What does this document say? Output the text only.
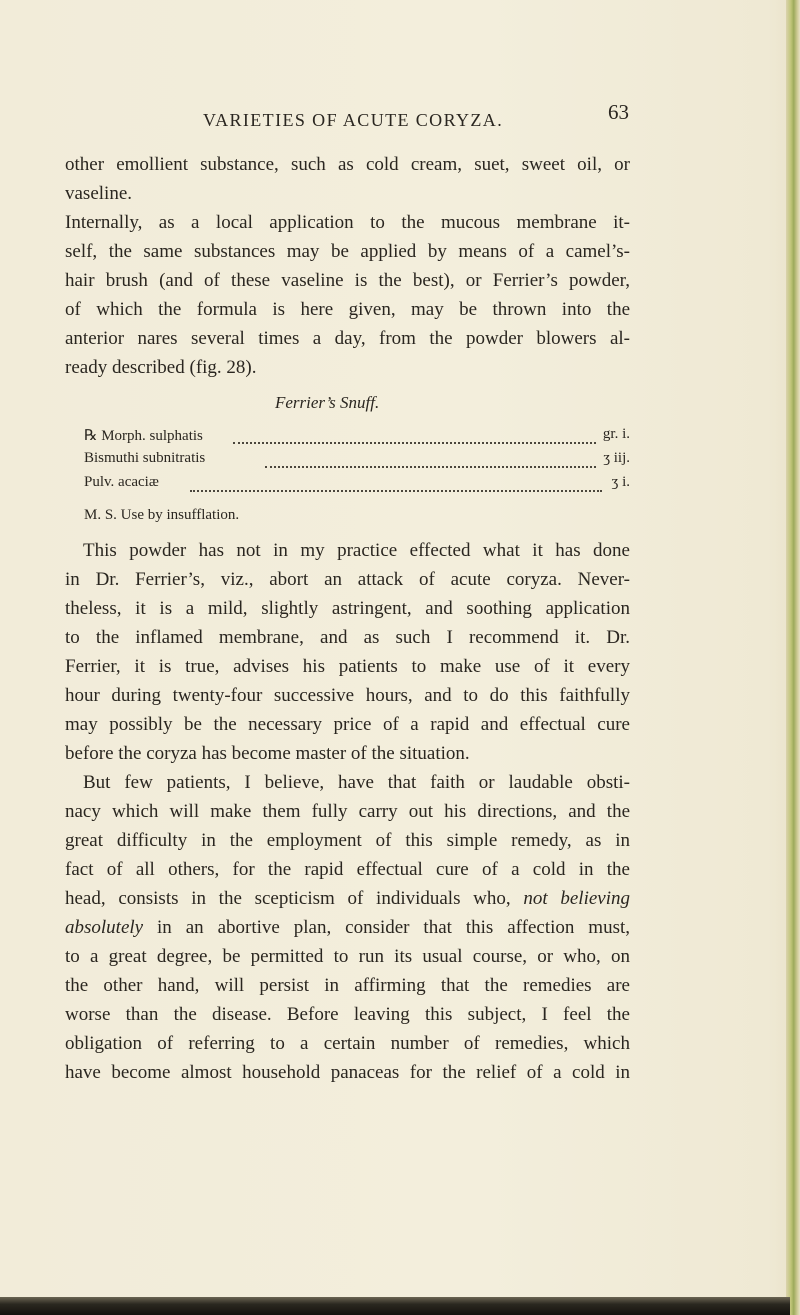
VARIETIES OF ACUTE CORYZA.	63
other emollient substance, such as cold cream, suet, sweet oil, or
vaseline.
Internally, as a local application to the mucous membrane it-
self, the same substances may be applied by means of a camel’s-
hair brush (and of these vaseline is the best), or Ferrier’s powder,
of which the formula is here given, may be thrown into the
anterior nares several times a day, from the powder blowers al-
ready described (fig. 28).
Ferrier’s Snuff.
℞ Morph. sulphatis	gr. i.
Bismuthi subnitratis	ʒ iij.
Pulv. acaciæ	ʒ i.
M. S. Use by insufflation.
This powder has not in my practice effected what it has done
in Dr. Ferrier’s, viz., abort an attack of acute coryza. Never-
theless, it is a mild, slightly astringent, and soothing application
to the inflamed membrane, and as such I recommend it. Dr.
Ferrier, it is true, advises his patients to make use of it every
hour during twenty-four successive hours, and to do this faithfully
may possibly be the necessary price of a rapid and effectual cure
before the coryza has become master of the situation.
But few patients, I believe, have that faith or laudable obsti-
nacy which will make them fully carry out his directions, and the
great difficulty in the employment of this simple remedy, as in
fact of all others, for the rapid effectual cure of a cold in the
head, consists in the scepticism of individuals who, not believing
absolutely in an abortive plan, consider that this affection must,
to a great degree, be permitted to run its usual course, or who, on
the other hand, will persist in affirming that the remedies are
worse than the disease. Before leaving this subject, I feel the
obligation of referring to a certain number of remedies, which
have become almost household panaceas for the relief of a cold in
